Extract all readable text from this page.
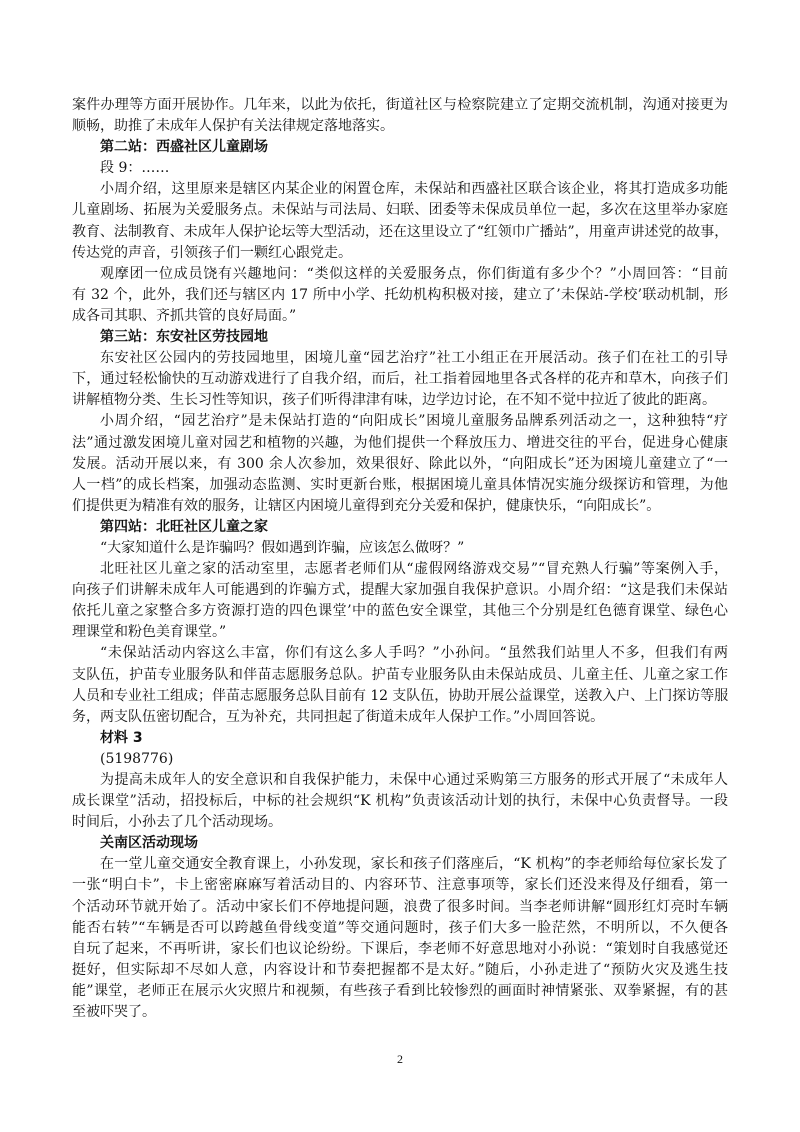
案件办理等方面开展协作。几年来，以此为依托，街道社区与检察院建立了定期交流机制，沟通对接更为
顺畅，助推了未成年人保护有关法律规定落地落实。
第二站：西盛社区儿童剧场
段 9：……
小周介绍，这里原来是辖区内某企业的闲置仓库，未保站和西盛社区联合该企业，将其打造成多功能
儿童剧场、拓展为关爱服务点。未保站与司法局、妇联、团委等未保成员单位一起，多次在这里举办家庭
教育、法制教育、未成年人保护论坛等大型活动，还在这里设立了“红领巾广播站”，用童声讲述党的故事，
传达党的声音，引领孩子们一颗红心跟党走。
观摩团一位成员饶有兴趣地问：“类似这样的关爱服务点，你们街道有多少个？”小周回答：“目前
有 32 个，此外，我们还与辖区内 17 所中小学、托幼机构积极对接，建立了’未保站-学校’联动机制，形
成各司其职、齐抓共管的良好局面。”
第三站：东安社区劳技园地
东安社区公园内的劳技园地里，困境儿童“园艺治疗”社工小组正在开展活动。孩子们在社工的引导
下，通过轻松愉快的互动游戏进行了自我介绍，而后，社工指着园地里各式各样的花卉和草木，向孩子们
讲解植物分类、生长习性等知识，孩子们听得津津有味，边学边讨论，在不知不觉中拉近了彼此的距离。
小周介绍，“园艺治疗”是未保站打造的“向阳成长”困境儿童服务品牌系列活动之一，这种独特“疗
法”通过激发困境儿童对园艺和植物的兴趣，为他们提供一个释放压力、增进交往的平台，促进身心健康
发展。活动开展以来，有 300 余人次参加，效果很好、除此以外，“向阳成长”还为困境儿童建立了“一
人一档”的成长档案，加强动态监测、实时更新台账，根据困境儿童具体情况实施分级探访和管理，为他
们提供更为精准有效的服务，让辖区内困境儿童得到充分关爱和保护，健康快乐，“向阳成长”。
第四站：北旺社区儿童之家
“大家知道什么是诈骗吗？假如遇到诈骗，应该怎么做呀？”
北旺社区儿童之家的活动室里，志愿者老师们从“虚假网络游戏交易”“冒充熟人行骗”等案例入手，
向孩子们讲解未成年人可能遇到的诈骗方式，提醒大家加强自我保护意识。小周介绍：“这是我们未保站
依托儿童之家整合多方资源打造的四色课堂’中的蓝色安全课堂，其他三个分别是红色德育课堂、绿色心
理课堂和粉色美育课堂。”
“未保站活动内容这么丰富，你们有这么多人手吗？”小孙问。“虽然我们站里人不多，但我们有两
支队伍，护苗专业服务队和伴苗志愿服务总队。护苗专业服务队由未保站成员、儿童主任、儿童之家工作
人员和专业社工组成；伴苗志愿服务总队目前有 12 支队伍，协助开展公益课堂，送教入户、上门探访等服
务，两支队伍密切配合，互为补充，共同担起了街道未成年人保护工作。”小周回答说。
材料 3
(5198776)
为提高未成年人的安全意识和自我保护能力，未保中心通过采购第三方服务的形式开展了“未成年人
成长课堂”活动，招投标后，中标的社会规织“K 机构”负责该活动计划的执行，未保中心负责督导。一段
时间后，小孙去了几个活动现场。
关南区活动现场
在一堂儿童交通安全教育课上，小孙发现，家长和孩子们落座后，“K 机构”的李老师给每位家长发了
一张“明白卡”，卡上密密麻麻写着活动目的、内容环节、注意事项等，家长们还没来得及仔细看，第一
个活动环节就开始了。活动中家长们不停地提问题，浪费了很多时间。当李老师讲解“圆形红灯亮时车辆
能否右转”“车辆是否可以跨越鱼骨线变道”等交通问题时，孩子们大多一脸茫然，不明所以，不久便各
自玩了起来，不再听讲，家长们也议论纷纷。下课后，李老师不好意思地对小孙说：“策划时自我感觉还
挺好，但实际却不尽如人意，内容设计和节奏把握都不是太好。”随后，小孙走进了“预防火灾及逃生技
能”课堂，老师正在展示火灾照片和视频，有些孩子看到比较惨烈的画面时神情紧张、双拳紧握，有的甚
至被吓哭了。
2
